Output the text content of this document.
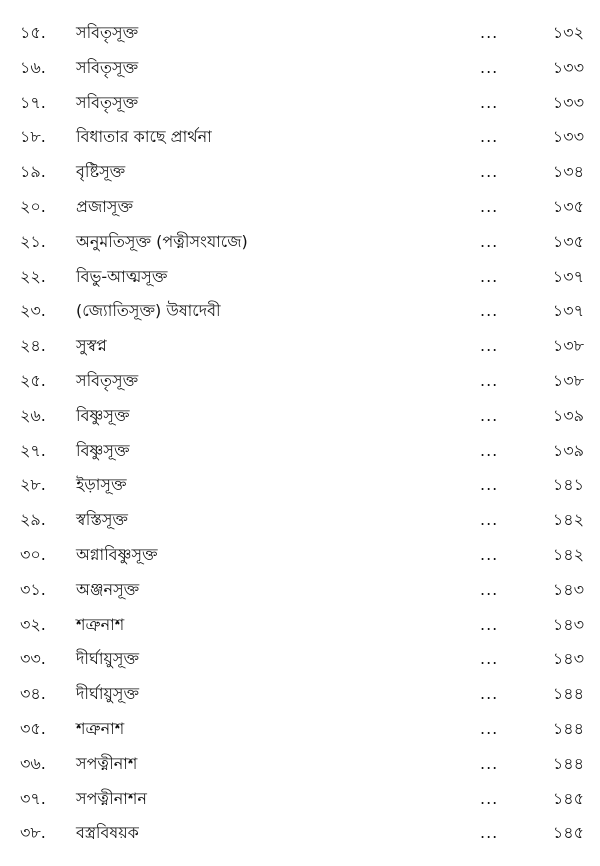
১৫. সবিতৃসূক্ত	...	১৩২
১৬. সবিতৃসূক্ত	...	১৩৩
১৭. সবিতৃসূক্ত	...	১৩৩
১৮. বিধাতার কাছে প্রার্থনা	...	১৩৩
১৯. বৃষ্টিসূক্ত	...	১৩৪
২০. প্রজাসূক্ত	...	১৩৫
২১. অনুমতিসূক্ত (পত্নীসংযাজে)	...	১৩৫
২২. বিভু-আত্মসূক্ত	...	১৩৭
২৩. (জ্যোতিসূক্ত) উষাদেবী	...	১৩৭
২৪. সুস্বপ্ন	...	১৩৮
২৫. সবিতৃসূক্ত	...	১৩৮
২৬. বিষ্ণুসূক্ত	...	১৩৯
২৭. বিষ্ণুসূক্ত	...	১৩৯
২৮. ইড়াসূক্ত	...	১৪১
২৯. স্বস্তিসূক্ত	...	১৪২
৩০. অগ্নাবিষ্ণুসূক্ত	...	১৪২
৩১. অঞ্জনসূক্ত	...	১৪৩
৩২. শত্রুনাশ	...	১৪৩
৩৩. দীর্ঘায়ুসূক্ত	...	১৪৩
৩৪. দীর্ঘায়ুসূক্ত	...	১৪৪
৩৫. শত্রুনাশ	...	১৪৪
৩৬. সপত্নীনাশ	...	১৪৪
৩৭. সপত্নীনাশন	...	১৪৫
৩৮. বস্ত্রবিষয়ক	...	১৪৫
